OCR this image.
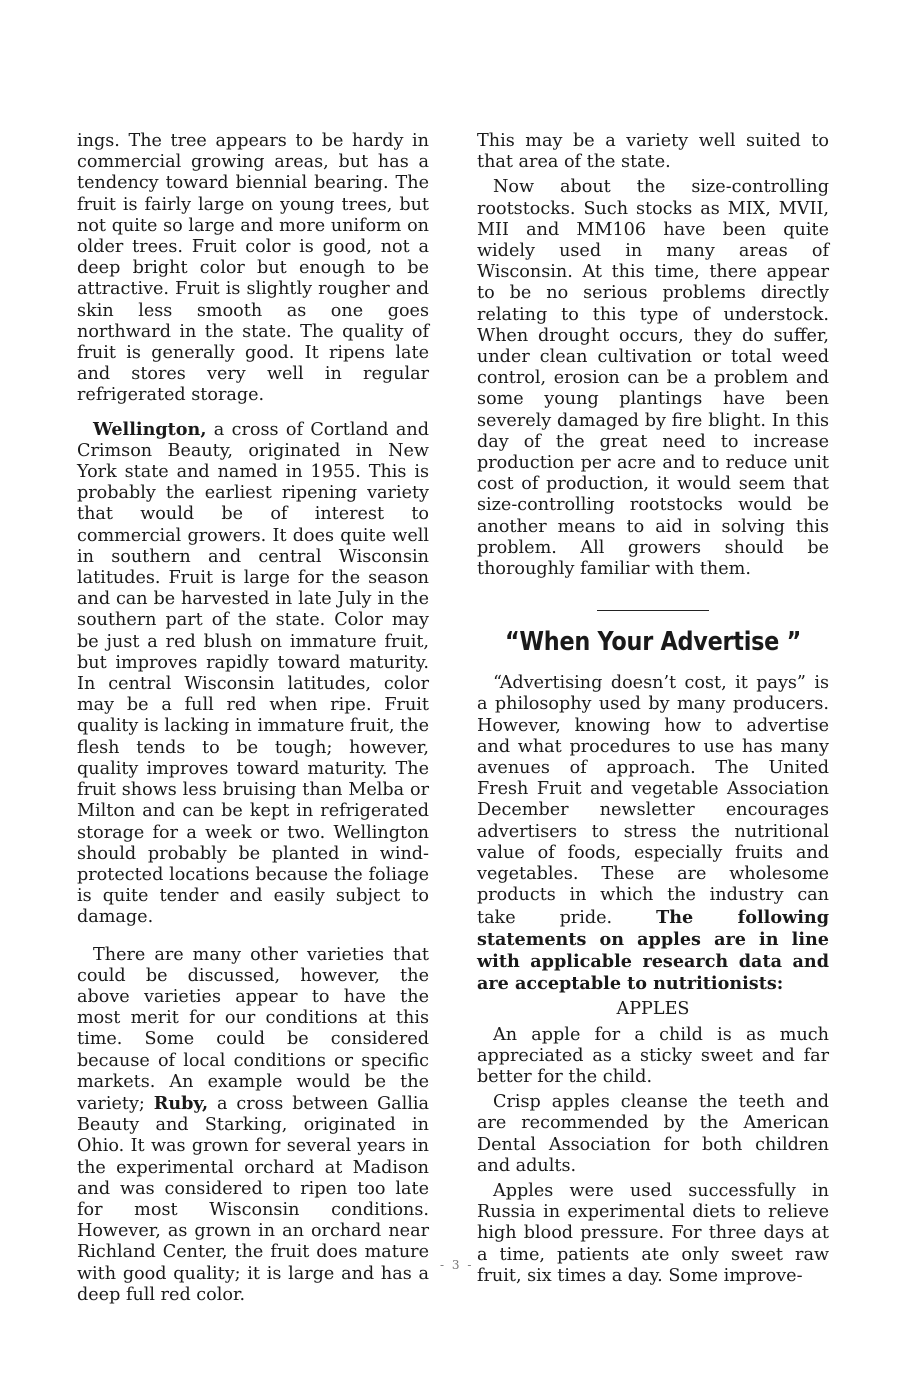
ings. The tree appears to be hardy in commercial growing areas, but has a tendency toward biennial bearing. The fruit is fairly large on young trees, but not quite so large and more uniform on older trees. Fruit color is good, not a deep bright color but enough to be attractive. Fruit is slightly rougher and skin less smooth as one goes northward in the state. The quality of fruit is generally good. It ripens late and stores very well in regular refrigerated storage.

Wellington, a cross of Cortland and Crimson Beauty, originated in New York state and named in 1955. This is probably the earliest ripening variety that would be of interest to commercial growers. It does quite well in southern and central Wisconsin latitudes. Fruit is large for the season and can be harvested in late July in the southern part of the state. Color may be just a red blush on immature fruit, but improves rapidly toward maturity. In central Wisconsin latitudes, color may be a full red when ripe. Fruit quality is lacking in immature fruit, the flesh tends to be tough; however, quality improves toward maturity. The fruit shows less bruising than Melba or Milton and can be kept in refrigerated storage for a week or two. Wellington should probably be planted in wind-protected locations because the foliage is quite tender and easily subject to damage.

There are many other varieties that could be discussed, however, the above varieties appear to have the most merit for our conditions at this time. Some could be considered because of local conditions or specific markets. An example would be the variety; Ruby, a cross between Gallia Beauty and Starking, originated in Ohio. It was grown for several years in the experimental orchard at Madison and was considered to ripen too late for most Wisconsin conditions. However, as grown in an orchard near Richland Center, the fruit does mature with good quality; it is large and has a deep full red color.

This may be a variety well suited to that area of the state.

Now about the size-controlling rootstocks. Such stocks as MIX, MVII, MII and MM106 have been quite widely used in many areas of Wisconsin. At this time, there appear to be no serious problems directly relating to this type of understock. When drought occurs, they do suffer, under clean cultivation or total weed control, erosion can be a problem and some young plantings have been severely damaged by fire blight. In this day of the great need to increase production per acre and to reduce unit cost of production, it would seem that size-controlling rootstocks would be another means to aid in solving this problem. All growers should be thoroughly familiar with them.

“When Your Advertise ”

“Advertising doesn’t cost, it pays” is a philosophy used by many producers. However, knowing how to advertise and what procedures to use has many avenues of approach. The United Fresh Fruit and vegetable Association December newsletter encourages advertisers to stress the nutritional value of foods, especially fruits and vegetables. These are wholesome products in which the industry can take pride. The following statements on apples are in line with applicable research data and are acceptable to nutritionists:

APPLES

An apple for a child is as much appreciated as a sticky sweet and far better for the child.

Crisp apples cleanse the teeth and are recommended by the American Dental Association for both children and adults.

Apples were used successfully in Russia in experimental diets to relieve high blood pressure. For three days at a time, patients ate only sweet raw fruit, six times a day. Some improve-

- 3 -
